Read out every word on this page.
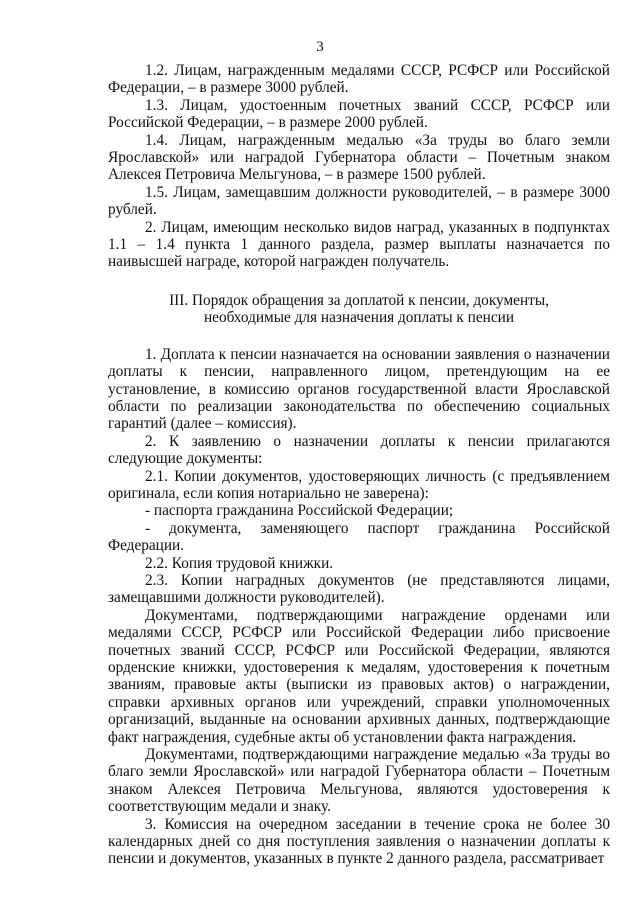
3

1.2. Лицам, награжденным медалями СССР, РСФСР или Российской Федерации, – в размере 3000 рублей.

1.3. Лицам, удостоенным почетных званий СССР, РСФСР или Российской Федерации, – в размере 2000 рублей.

1.4. Лицам, награжденным медалью «За труды во благо земли Ярославской» или наградой Губернатора области – Почетным знаком Алексея Петровича Мельгунова, – в размере 1500 рублей.

1.5. Лицам, замещавшим должности руководителей, – в размере 3000 рублей.

2. Лицам, имеющим несколько видов наград, указанных в подпунктах 1.1 – 1.4 пункта 1 данного раздела, размер выплаты назначается по наивысшей награде, которой награжден получатель.

III. Порядок обращения за доплатой к пенсии, документы,
необходимые для назначения доплаты к пенсии

1. Доплата к пенсии назначается на основании заявления о назначении доплаты к пенсии, направленного лицом, претендующим на ее установление, в комиссию органов государственной власти Ярославской области по реализации законодательства по обеспечению социальных гарантий (далее – комиссия).

2. К заявлению о назначении доплаты к пенсии прилагаются следующие документы:

2.1. Копии документов, удостоверяющих личность (с предъявлением оригинала, если копия нотариально не заверена):

- паспорта гражданина Российской Федерации;

- документа, заменяющего паспорт гражданина Российской Федерации.

2.2. Копия трудовой книжки.

2.3. Копии наградных документов (не представляются лицами, замещавшими должности руководителей).

Документами, подтверждающими награждение орденами или медалями СССР, РСФСР или Российской Федерации либо присвоение почетных званий СССР, РСФСР или Российской Федерации, являются орденские книжки, удостоверения к медалям, удостоверения к почетным званиям, правовые акты (выписки из правовых актов) о награждении, справки архивных органов или учреждений, справки уполномоченных организаций, выданные на основании архивных данных, подтверждающие факт награждения, судебные акты об установлении факта награждения.

Документами, подтверждающими награждение медалью «За труды во благо земли Ярославской» или наградой Губернатора области – Почетным знаком Алексея Петровича Мельгунова, являются удостоверения к соответствующим медали и знаку.

3. Комиссия на очередном заседании в течение срока не более 30 календарных дней со дня поступления заявления о назначении доплаты к пенсии и документов, указанных в пункте 2 данного раздела, рассматривает
